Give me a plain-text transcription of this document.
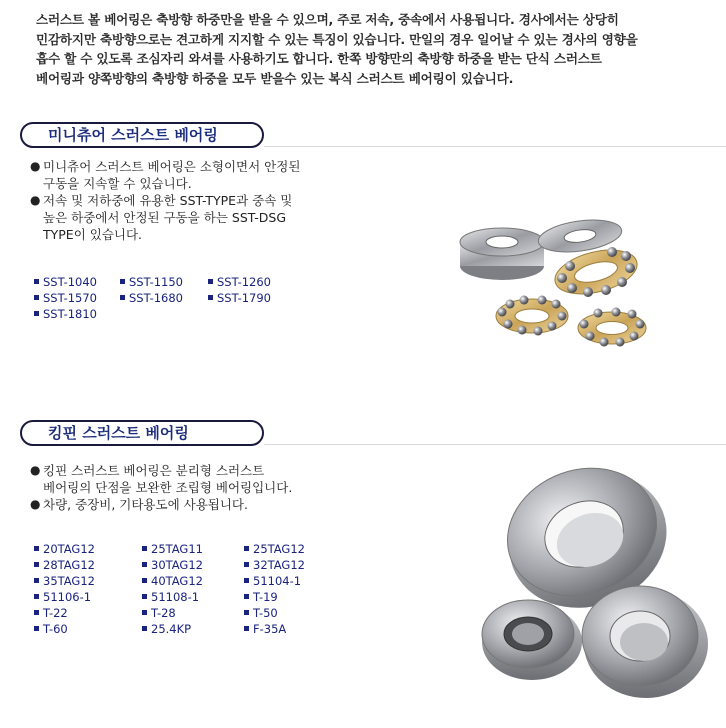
스러스트 볼 베어링은 축방향 하중만을 받을 수 있으며, 주로 저속, 중속에서 사용됩니다. 경사에서는 상당히
민감하지만 축방향으로는 견고하게 지지할 수 있는 특징이 있습니다. 만일의 경우 일어날 수 있는 경사의 영향을
흡수 할 수 있도록 조심자리 와셔를 사용하기도 합니다. 한쪽 방향만의 축방향 하중을 받는 단식 스러스트
베어링과 양쪽방향의 축방향 하중을 모두 받을수 있는 복식 스러스트 베어링이 있습니다.
미니츄어 스러스트 베어링
● 미니츄어 스러스트 베어링은 소형이면서 안정된
구동을 지속할 수 있습니다.
● 저속 및 저하중에 유용한 SST-TYPE과 중속 및
높은 하중에서 안정된 구동을 하는 SST-DSG
TYPE이 있습니다.
SST-1040	SST-1150	SST-1260
SST-1570	SST-1680	SST-1790
SST-1810
킹핀 스러스트 베어링
● 킹핀 스러스트 베어링은 분리형 스러스트
베어링의 단점을 보완한 조립형 베어링입니다.
● 차량, 중장비, 기타용도에 사용됩니다.
20TAG12	25TAG11	25TAG12
28TAG12	30TAG12	32TAG12
35TAG12	40TAG12	51104-1
51106-1	51108-1	T-19
T-22	T-28	T-50
T-60	25.4KP	F-35A
